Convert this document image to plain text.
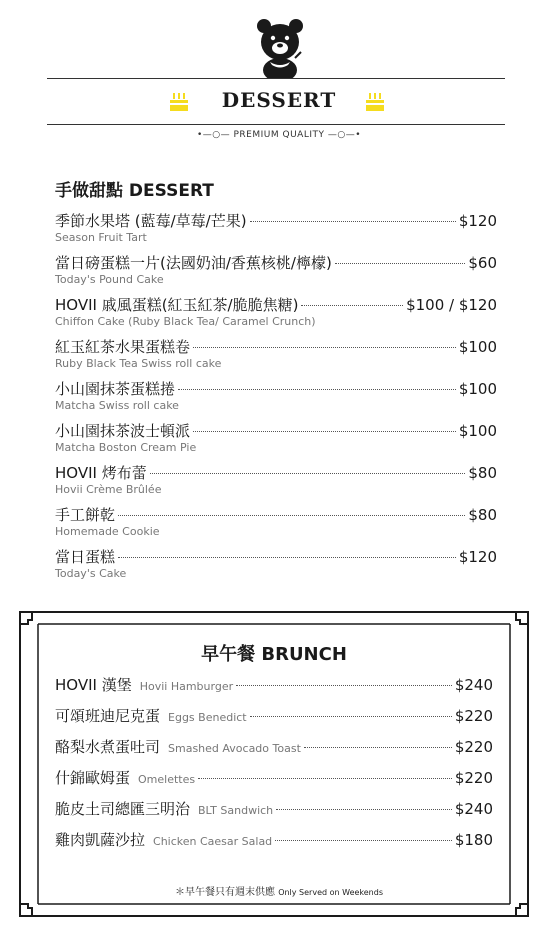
DESSERT
•—○— PREMIUM QUALITY —○—•
手做甜點 DESSERT
季節水果塔 (藍莓/草莓/芒果)	$120
Season Fruit Tart
當日磅蛋糕一片(法國奶油/香蕉核桃/檸檬)	$60
Today's Pound Cake
HOVII 戚風蛋糕(紅玉紅茶/脆脆焦糖)	$100 / $120
Chiffon Cake (Ruby Black Tea/ Caramel Crunch)
紅玉紅茶水果蛋糕卷	$100
Ruby Black Tea Swiss roll cake
小山園抹茶蛋糕捲	$100
Matcha Swiss roll cake
小山園抹茶波士頓派	$100
Matcha Boston Cream Pie
HOVII 烤布蕾	$80
Hovii Crème Brûlée
手工餅乾	$80
Homemade Cookie
當日蛋糕	$120
Today's Cake
早午餐 BRUNCH
HOVII 漢堡 Hovii Hamburger	$240
可頌班迪尼克蛋 Eggs Benedict	$220
酪梨水煮蛋吐司 Smashed Avocado Toast	$220
什錦歐姆蛋 Omelettes	$220
脆皮土司總匯三明治 BLT Sandwich	$240
雞肉凱薩沙拉 Chicken Caesar Salad	$180
＊早午餐只有週末供應 Only Served on Weekends
